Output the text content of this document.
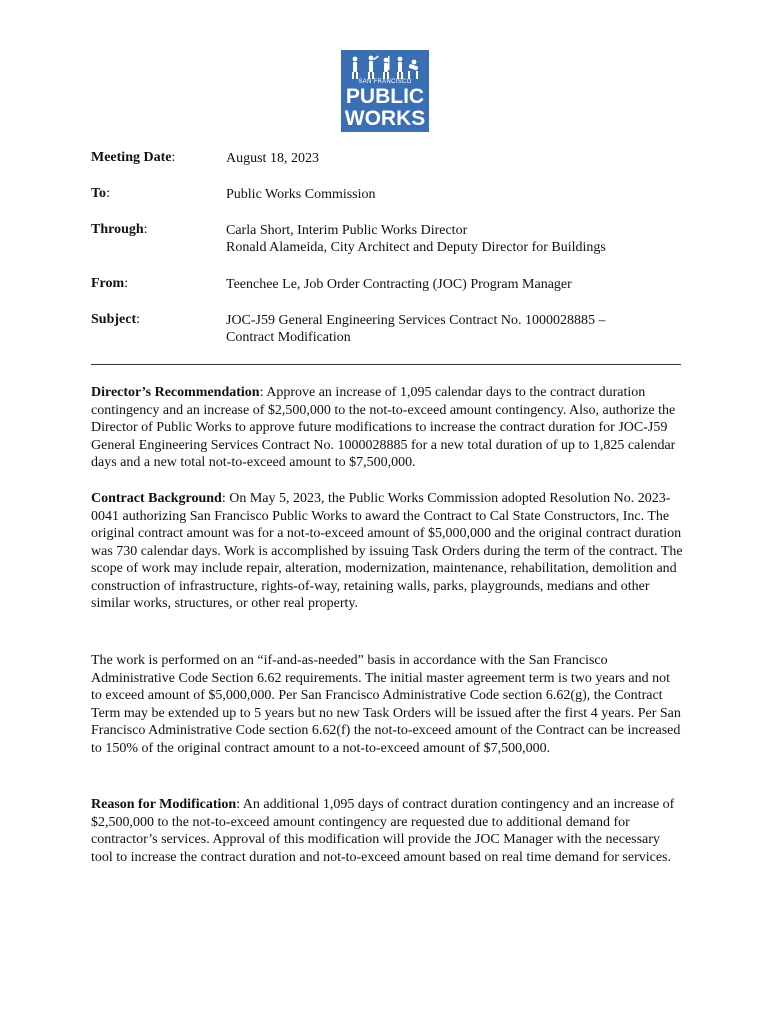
SAN FRANCISCO
PUBLIC
WORKS
Meeting Date:	August 18, 2023
To:	Public Works Commission
Through:	Carla Short, Interim Public Works Director
Ronald Alameida, City Architect and Deputy Director for Buildings
From:	Teenchee Le, Job Order Contracting (JOC) Program Manager
Subject:	JOC-J59 General Engineering Services Contract No. 1000028885 –
Contract Modification

Director’s Recommendation: Approve an increase of 1,095 calendar days to the contract duration contingency and an increase of $2,500,000 to the not-to-exceed amount contingency. Also, authorize the Director of Public Works to approve future modifications to increase the contract duration for JOC-J59 General Engineering Services Contract No. 1000028885 for a new total duration of up to 1,825 calendar days and a new total not-to-exceed amount to $7,500,000.

Contract Background: On May 5, 2023, the Public Works Commission adopted Resolution No. 2023-0041 authorizing San Francisco Public Works to award the Contract to Cal State Constructors, Inc. The original contract amount was for a not-to-exceed amount of $5,000,000 and the original contract duration was 730 calendar days. Work is accomplished by issuing Task Orders during the term of the contract. The scope of work may include repair, alteration, modernization, maintenance, rehabilitation, demolition and construction of infrastructure, rights-of-way, retaining walls, parks, playgrounds, medians and other similar works, structures, or other real property.

The work is performed on an “if-and-as-needed” basis in accordance with the San Francisco Administrative Code Section 6.62 requirements. The initial master agreement term is two years and not to exceed amount of $5,000,000. Per San Francisco Administrative Code section 6.62(g), the Contract Term may be extended up to 5 years but no new Task Orders will be issued after the first 4 years. Per San Francisco Administrative Code section 6.62(f) the not-to-exceed amount of the Contract can be increased to 150% of the original contract amount to a not-to-exceed amount of $7,500,000.

Reason for Modification: An additional 1,095 days of contract duration contingency and an increase of $2,500,000 to the not-to-exceed amount contingency are requested due to additional demand for contractor’s services. Approval of this modification will provide the JOC Manager with the necessary tool to increase the contract duration and not-to-exceed amount based on real time demand for services.
